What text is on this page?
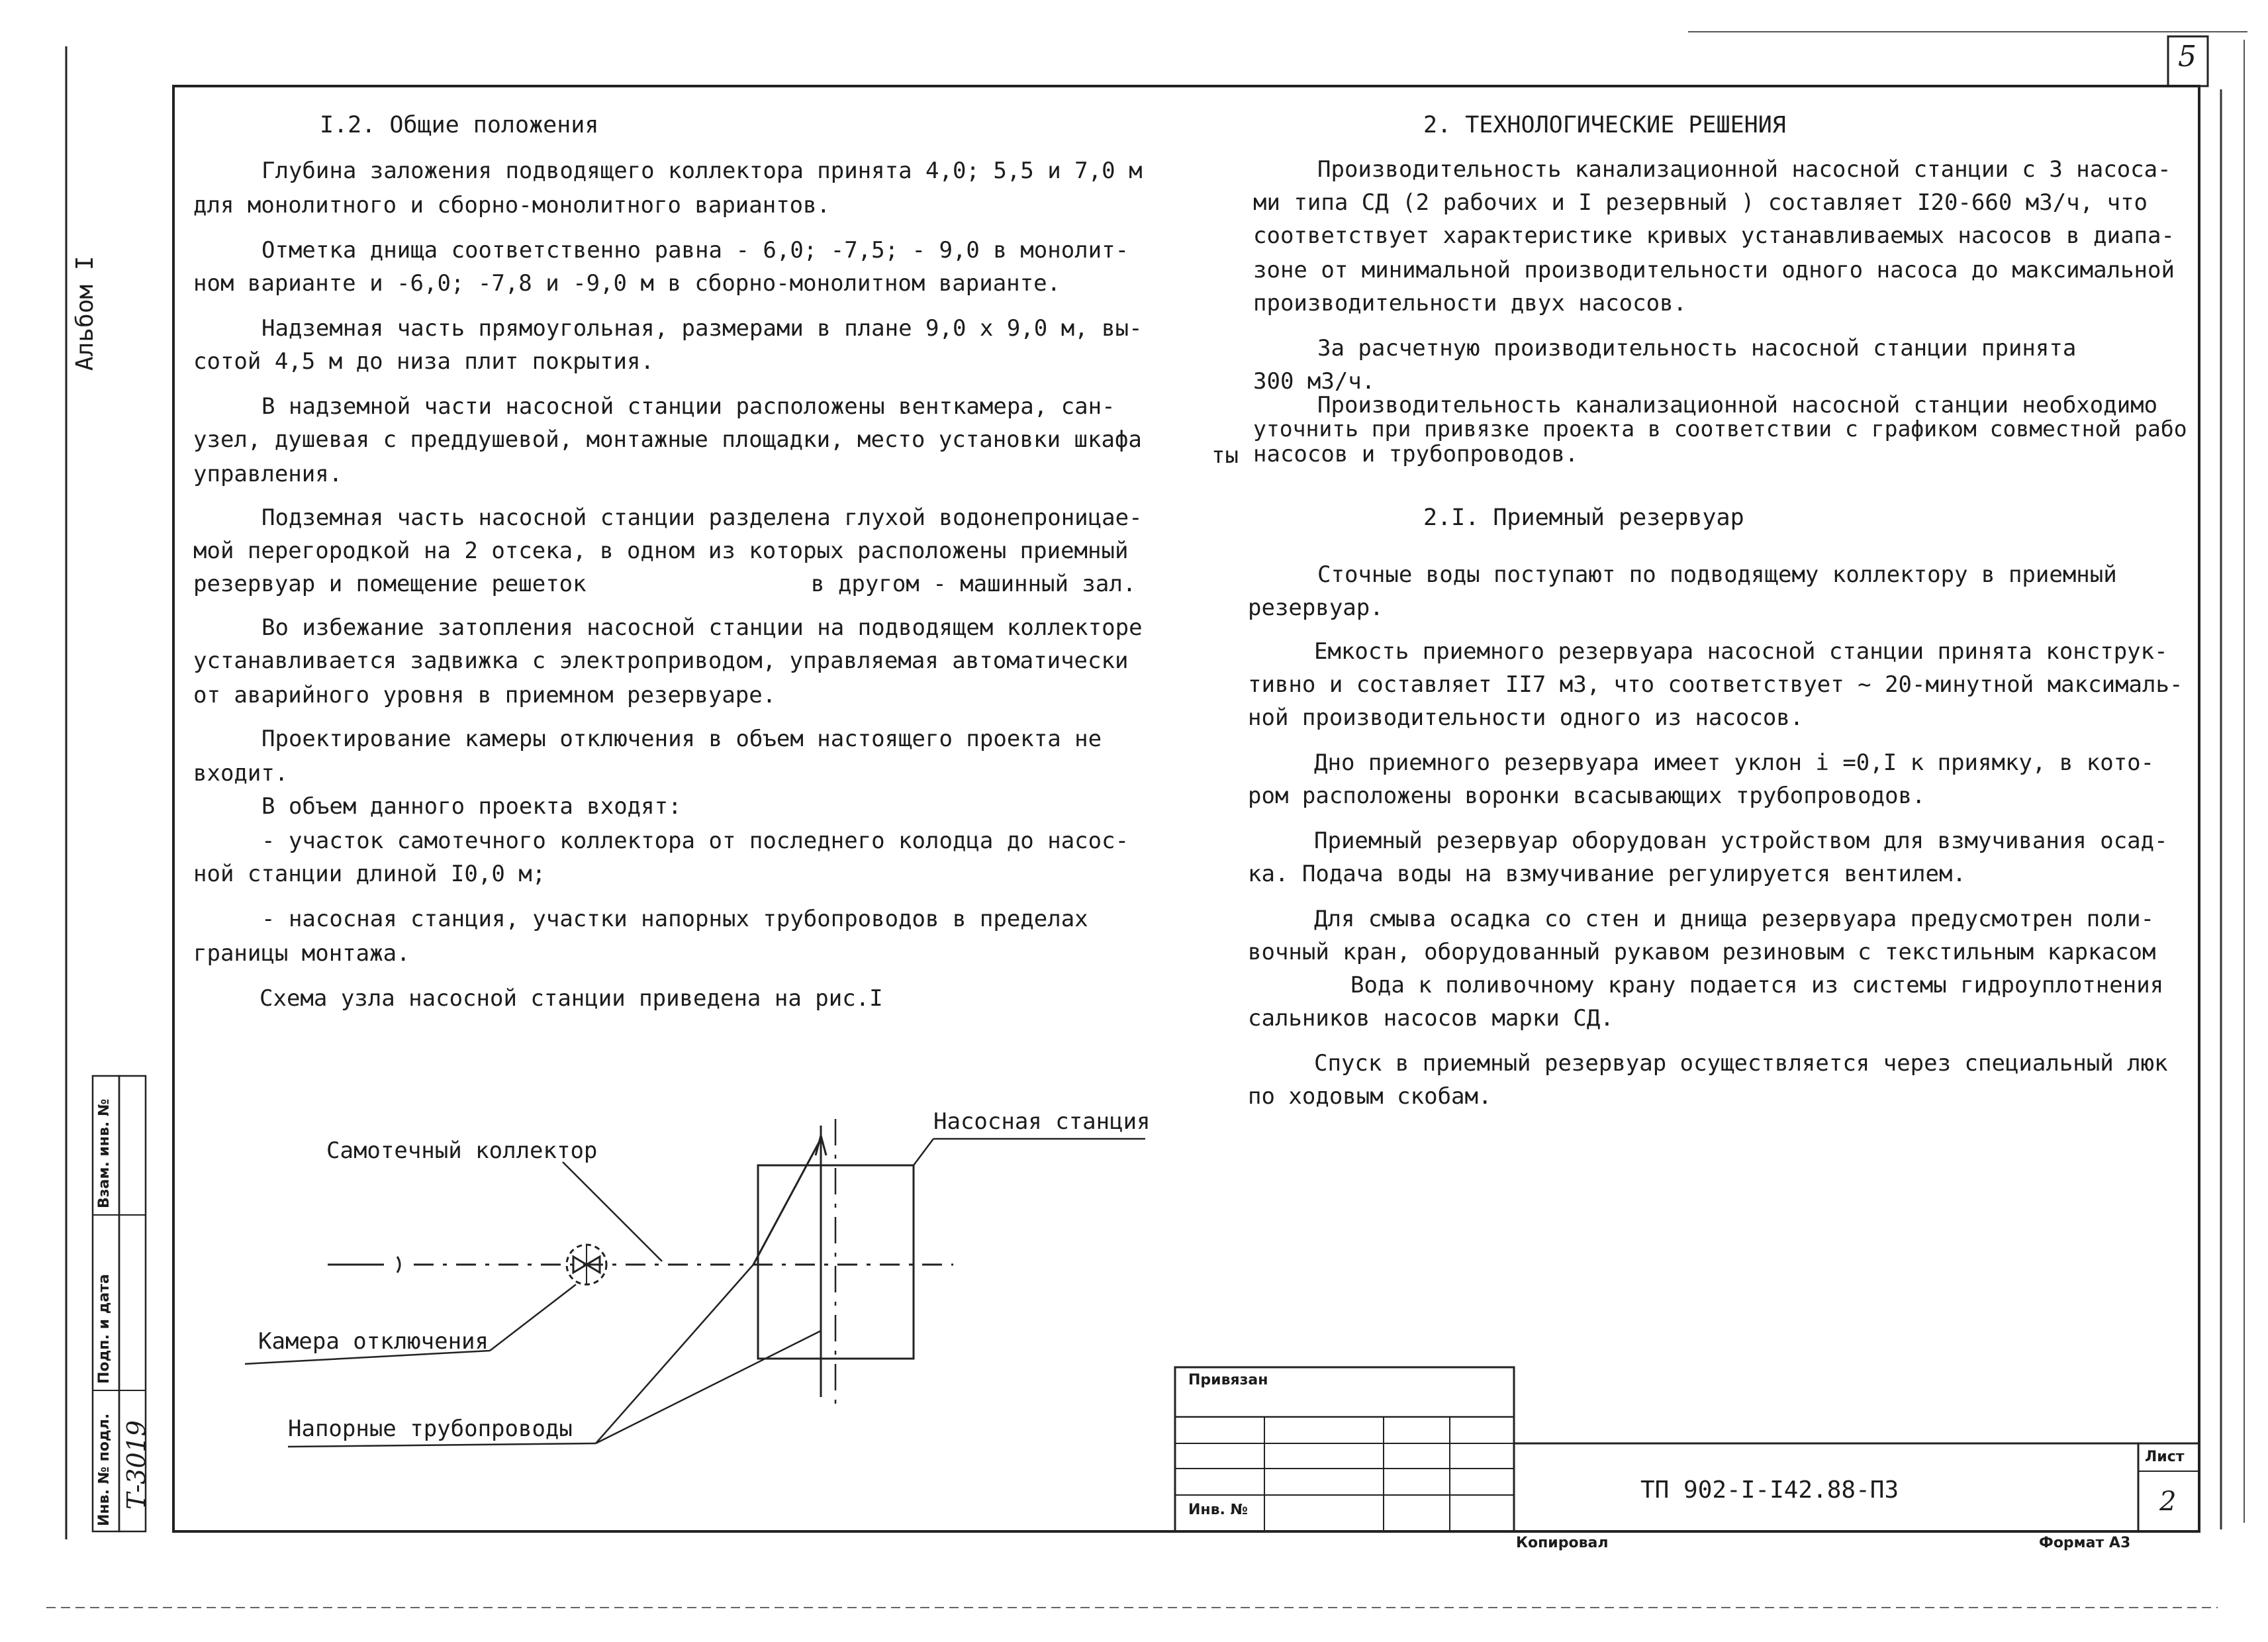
5
Альбом I
Инв. № подл.
Подп. и дата
Взам. инв. №
Т-3019
I.2. Общие положения
Глубина заложения подводящего коллектора принята 4,0; 5,5 и 7,0 м
для монолитного и сборно-монолитного вариантов.
Отметка днища соответственно равна - 6,0; -7,5; - 9,0 в монолит-
ном варианте и -6,0; -7,8 и -9,0 м в сборно-монолитном варианте.
Надземная часть прямоугольная, размерами в плане 9,0 х 9,0 м, вы-
сотой 4,5 м до низа плит покрытия.
В надземной части насосной станции расположены венткамера, сан-
узел, душевая с преддушевой, монтажные площадки, место установки шкафа
управления.
Подземная часть насосной станции разделена глухой водонепроницае-
мой перегородкой на 2 отсека, в одном из которых расположены приемный
резервуар и помещение решеток	в другом - машинный зал.
Во избежание затопления насосной станции на подводящем коллекторе
устанавливается задвижка с электроприводом, управляемая автоматически
от аварийного уровня в приемном резервуаре.
Проектирование камеры отключения в объем настоящего проекта не
входит.
В объем данного проекта входят:
- участок самотечного коллектора от последнего колодца до насос-
ной станции длиной I0,0 м;
- насосная станция, участки напорных трубопроводов в пределах
границы монтажа.
Схема узла насосной станции приведена на рис.I
Насосная станция
Самотечный коллектор
Камера отключения
Напорные трубопроводы
2. ТЕХНОЛОГИЧЕСКИЕ РЕШЕНИЯ
Производительность канализационной насосной станции с 3 насоса-
ми типа СД (2 рабочих и I резервный ) составляет I20-660 м3/ч, что
соответствует характеристике кривых устанавливаемых насосов в диапа-
зоне от минимальной производительности одного насоса до максимальной
производительности двух насосов.
За расчетную производительность насосной станции принята
300 м3/ч.
Производительность канализационной насосной станции необходимо
уточнить при привязке проекта в соответствии с графиком совместной рабо
ты насосов и трубопроводов.
2.I. Приемный резервуар
Сточные воды поступают по подводящему коллектору в приемный
резервуар.
Емкость приемного резервуара насосной станции принята конструк-
тивно и составляет II7 м3, что соответствует ~ 20-минутной максималь-
ной производительности одного из насосов.
Дно приемного резервуара имеет уклон i =0,I к приямку, в кото-
ром расположены воронки всасывающих трубопроводов.
Приемный резервуар оборудован устройством для взмучивания осад-
ка. Подача воды на взмучивание регулируется вентилем.
Для смыва осадка со стен и днища резервуара предусмотрен поли-
вочный кран, оборудованный рукавом резиновым с текстильным каркасом
Вода к поливочному крану подается из системы гидроуплотнения
сальников насосов марки СД.
Спуск в приемный резервуар осуществляется через специальный люк
по ходовым скобам.
Привязан
Инв. №
ТП 902-I-I42.88-ПЗ
Лист
2
Копировал	Формат А3
